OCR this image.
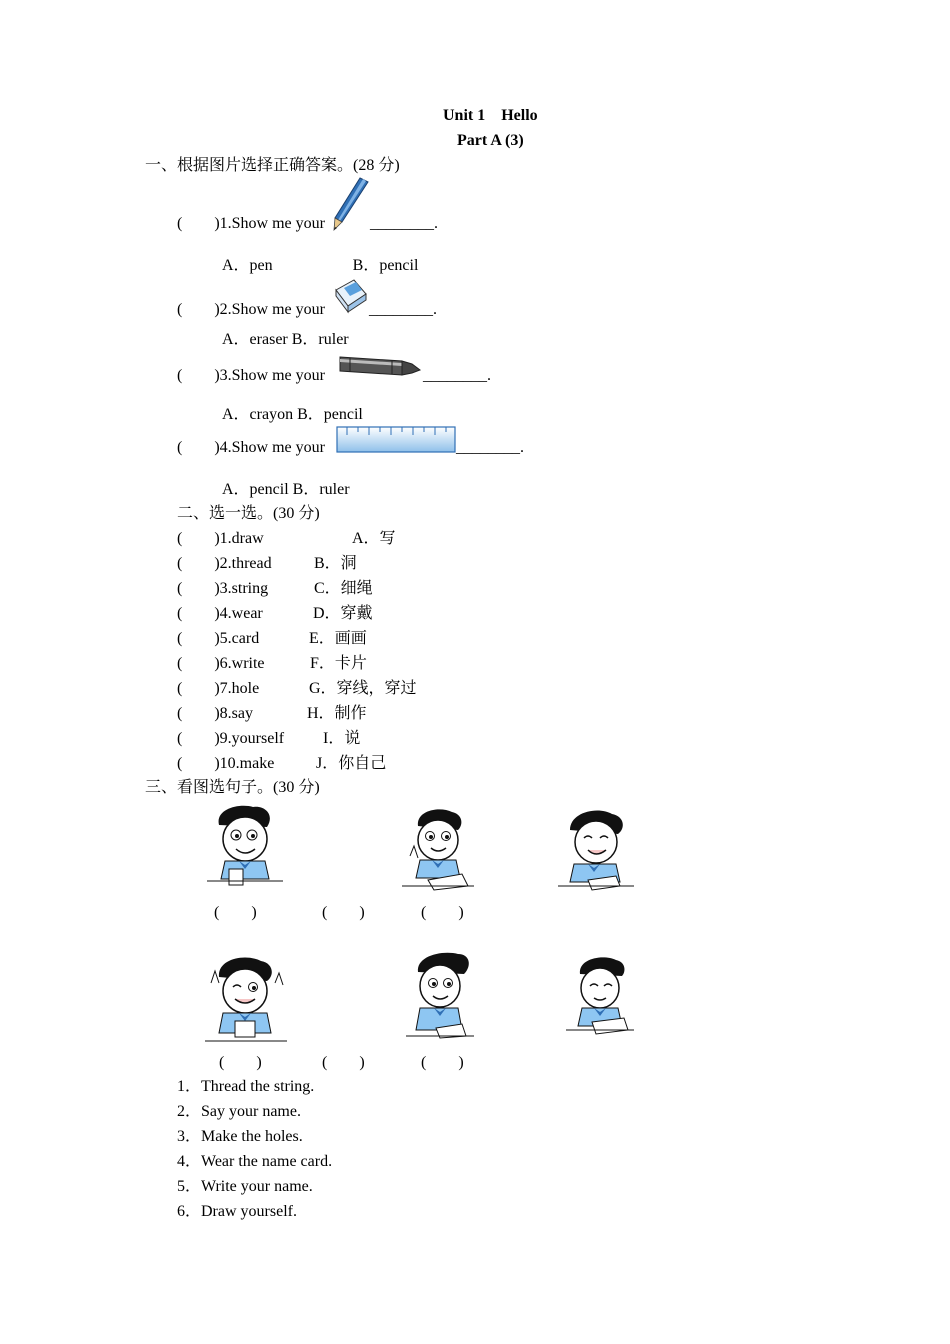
Unit 1　Hello
Part A (3)
一、根据图片选择正确答案。(28 分)
(　　)1.Show me your	________.
A．pen　　　　　B．pencil
(　　)2.Show me your	________.
A．eraser B．ruler
(　　)3.Show me your	________.
A．crayon B．pencil
(　　)4.Show me your	________.
A．pencil B．ruler
二、选一选。(30 分)
(　　)1.draw	A．写
(　　)2.thread	B．洞
(　　)3.string	C．细绳
(　　)4.wear	D．穿戴
(　　)5.card	E．画画
(　　)6.write	F．卡片
(　　)7.hole	G．穿线，穿过
(　　)8.say	H．制作
(　　)9.yourself I．说
(　　)10.make	J．你自己
三、看图选句子。(30 分)
(　　)	(　　)	(　　)
(　　)	(　　)	(　　)
1．Thread the string.
2．Say your name.
3．Make the holes.
4．Wear the name card.
5．Write your name.
6．Draw yourself.
